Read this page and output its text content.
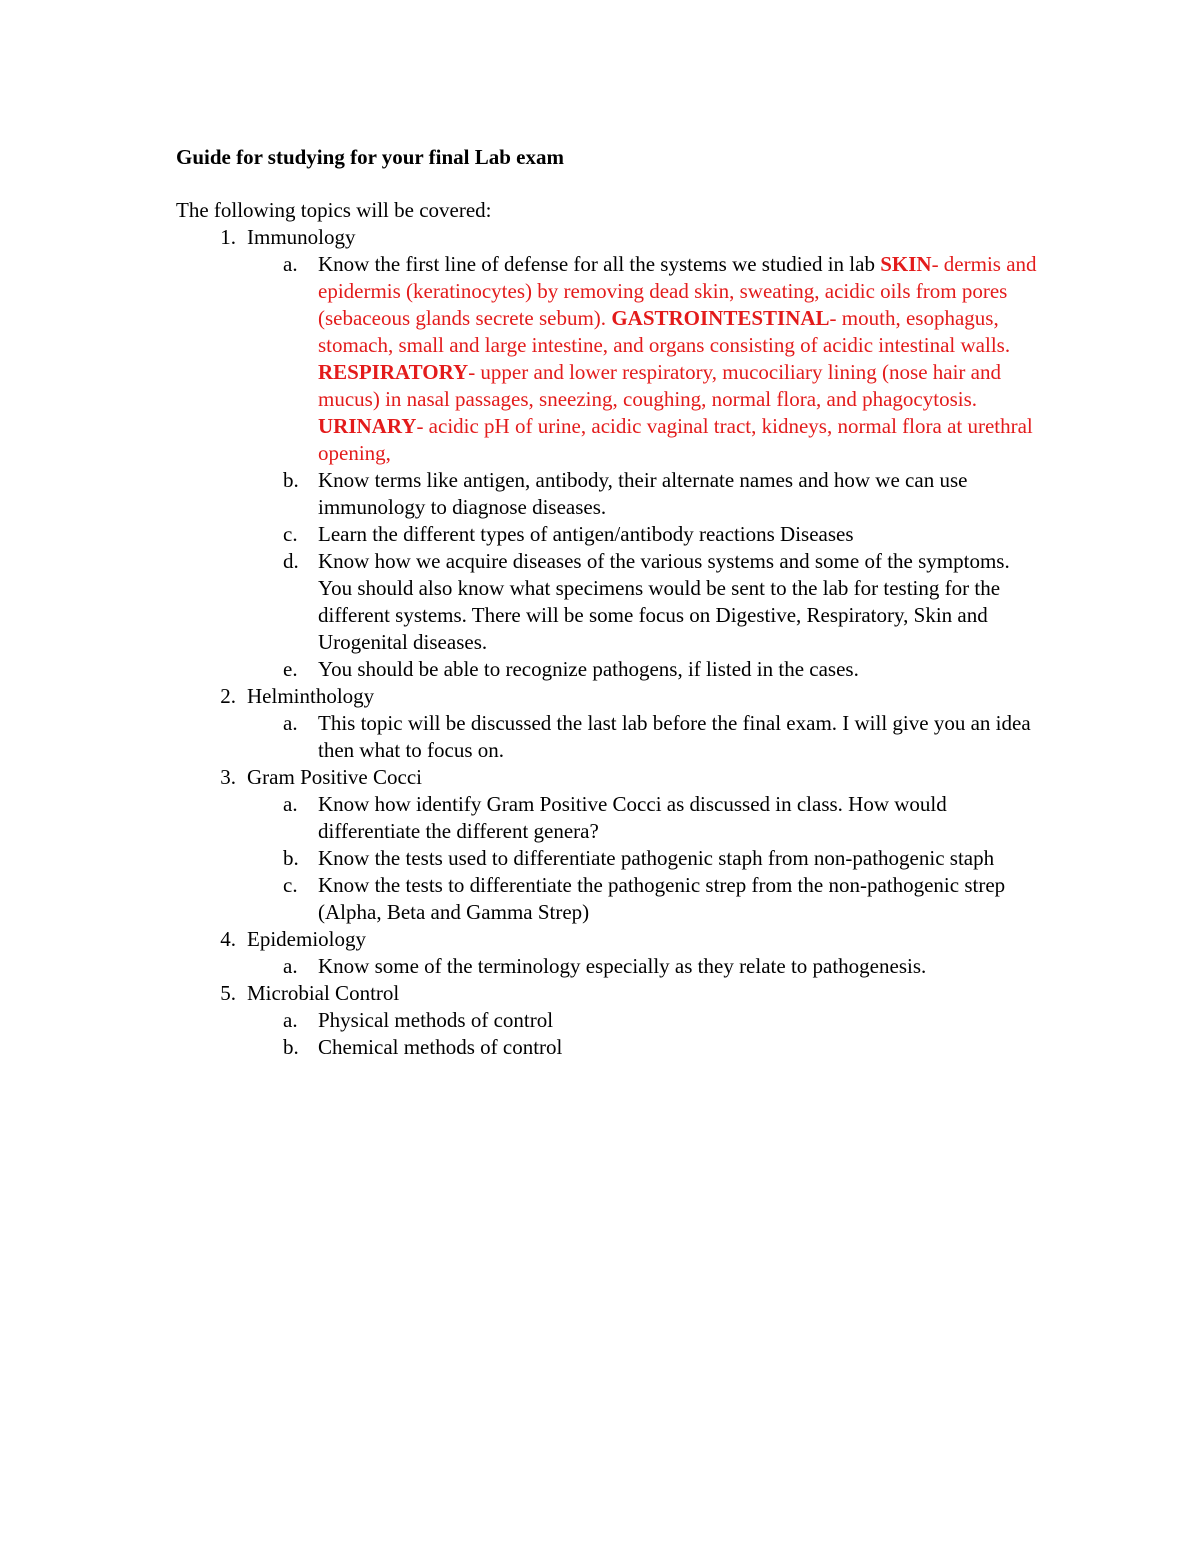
Guide for studying for your final Lab exam
The following topics will be covered:
1. Immunology
a. Know the first line of defense for all the systems we studied in lab SKIN- dermis and epidermis (keratinocytes) by removing dead skin, sweating, acidic oils from pores (sebaceous glands secrete sebum). GASTROINTESTINAL- mouth, esophagus, stomach, small and large intestine, and organs consisting of acidic intestinal walls. RESPIRATORY- upper and lower respiratory, mucociliary lining (nose hair and mucus) in nasal passages, sneezing, coughing, normal flora, and phagocytosis. URINARY- acidic pH of urine, acidic vaginal tract, kidneys, normal flora at urethral opening,
b. Know terms like antigen, antibody, their alternate names and how we can use immunology to diagnose diseases.
c. Learn the different types of antigen/antibody reactions Diseases
d. Know how we acquire diseases of the various systems and some of the symptoms. You should also know what specimens would be sent to the lab for testing for the different systems. There will be some focus on Digestive, Respiratory, Skin and Urogenital diseases.
e. You should be able to recognize pathogens, if listed in the cases.
2. Helminthology
a. This topic will be discussed the last lab before the final exam. I will give you an idea then what to focus on.
3. Gram Positive Cocci
a. Know how identify Gram Positive Cocci as discussed in class. How would differentiate the different genera?
b. Know the tests used to differentiate pathogenic staph from non-pathogenic staph
c. Know the tests to differentiate the pathogenic strep from the non-pathogenic strep (Alpha, Beta and Gamma Strep)
4. Epidemiology
a. Know some of the terminology especially as they relate to pathogenesis.
5. Microbial Control
a. Physical methods of control
b. Chemical methods of control
